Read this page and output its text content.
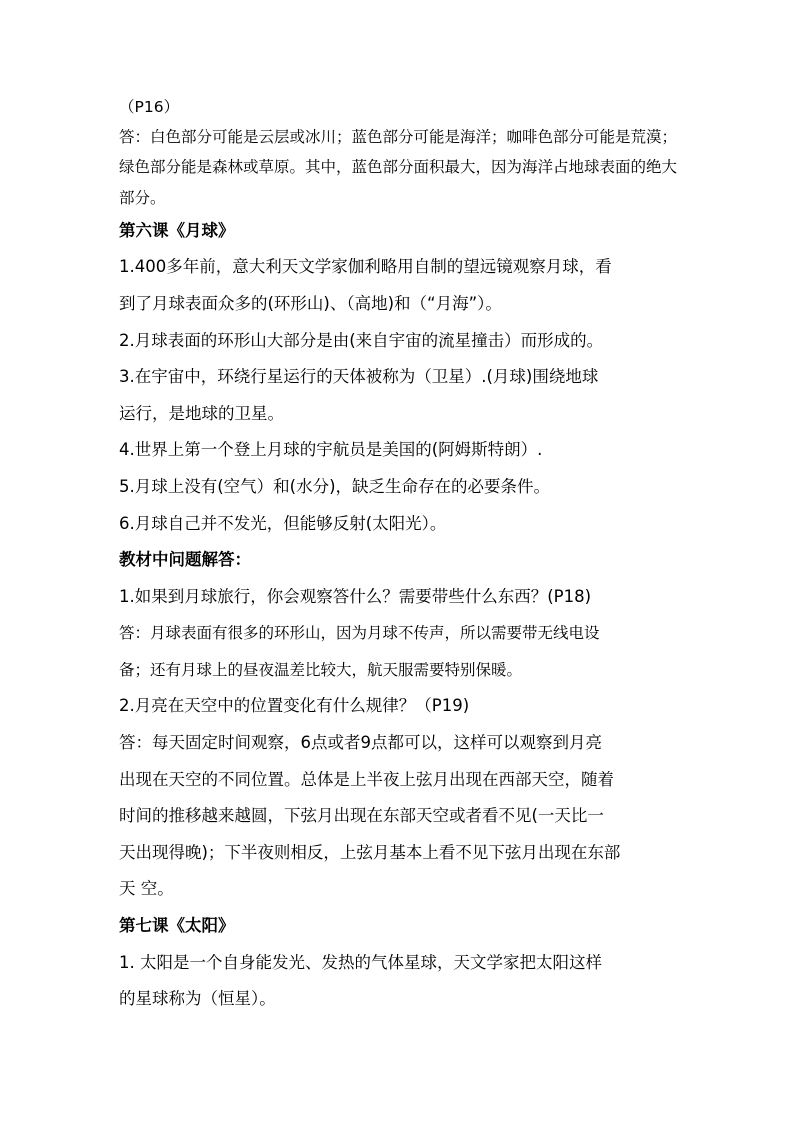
（P16）
答：白色部分可能是云层或冰川；蓝色部分可能是海洋；咖啡色部分可能是荒漠；
绿色部分能是森林或草原。其中，蓝色部分面积最大，因为海洋占地球表面的绝大
部分。
第六课《月球》
1.400多年前，意大利天文学家伽利略用自制的望远镜观察月球，看
到了月球表面众多的(环形山)、（高地)和（“月海”）。
2.月球表面的环形山大部分是由(来自宇宙的流星撞击）而形成的。
3.在宇宙中，环绕行星运行的天体被称为（卫星）.(月球)围绕地球
运行，是地球的卫星。
4.世界上第一个登上月球的宇航员是美国的(阿姆斯特朗）.
5.月球上没有(空气）和(水分)，缺乏生命存在的必要条件。
6.月球自己并不发光，但能够反射(太阳光）。
教材中问题解答：
1.如果到月球旅行，你会观察答什么？需要带些什么东西？(P18)
答：月球表面有很多的环形山，因为月球不传声，所以需要带无线电设
备；还有月球上的昼夜温差比较大，航天服需要特别保暖。
2.月亮在天空中的位置变化有什么规律？（P19)
答：每天固定时间观察，6点或者9点都可以，这样可以观察到月亮
出现在天空的不同位置。总体是上半夜上弦月出现在西部天空，随着
时间的推移越来越圆，下弦月出现在东部天空或者看不见(一天比一
天出现得晚)；下半夜则相反，上弦月基本上看不见下弦月出现在东部
天 空。
第七课《太阳》
1. 太阳是一个自身能发光、发热的气体星球，天文学家把太阳这样
的星球称为（恒星）。
